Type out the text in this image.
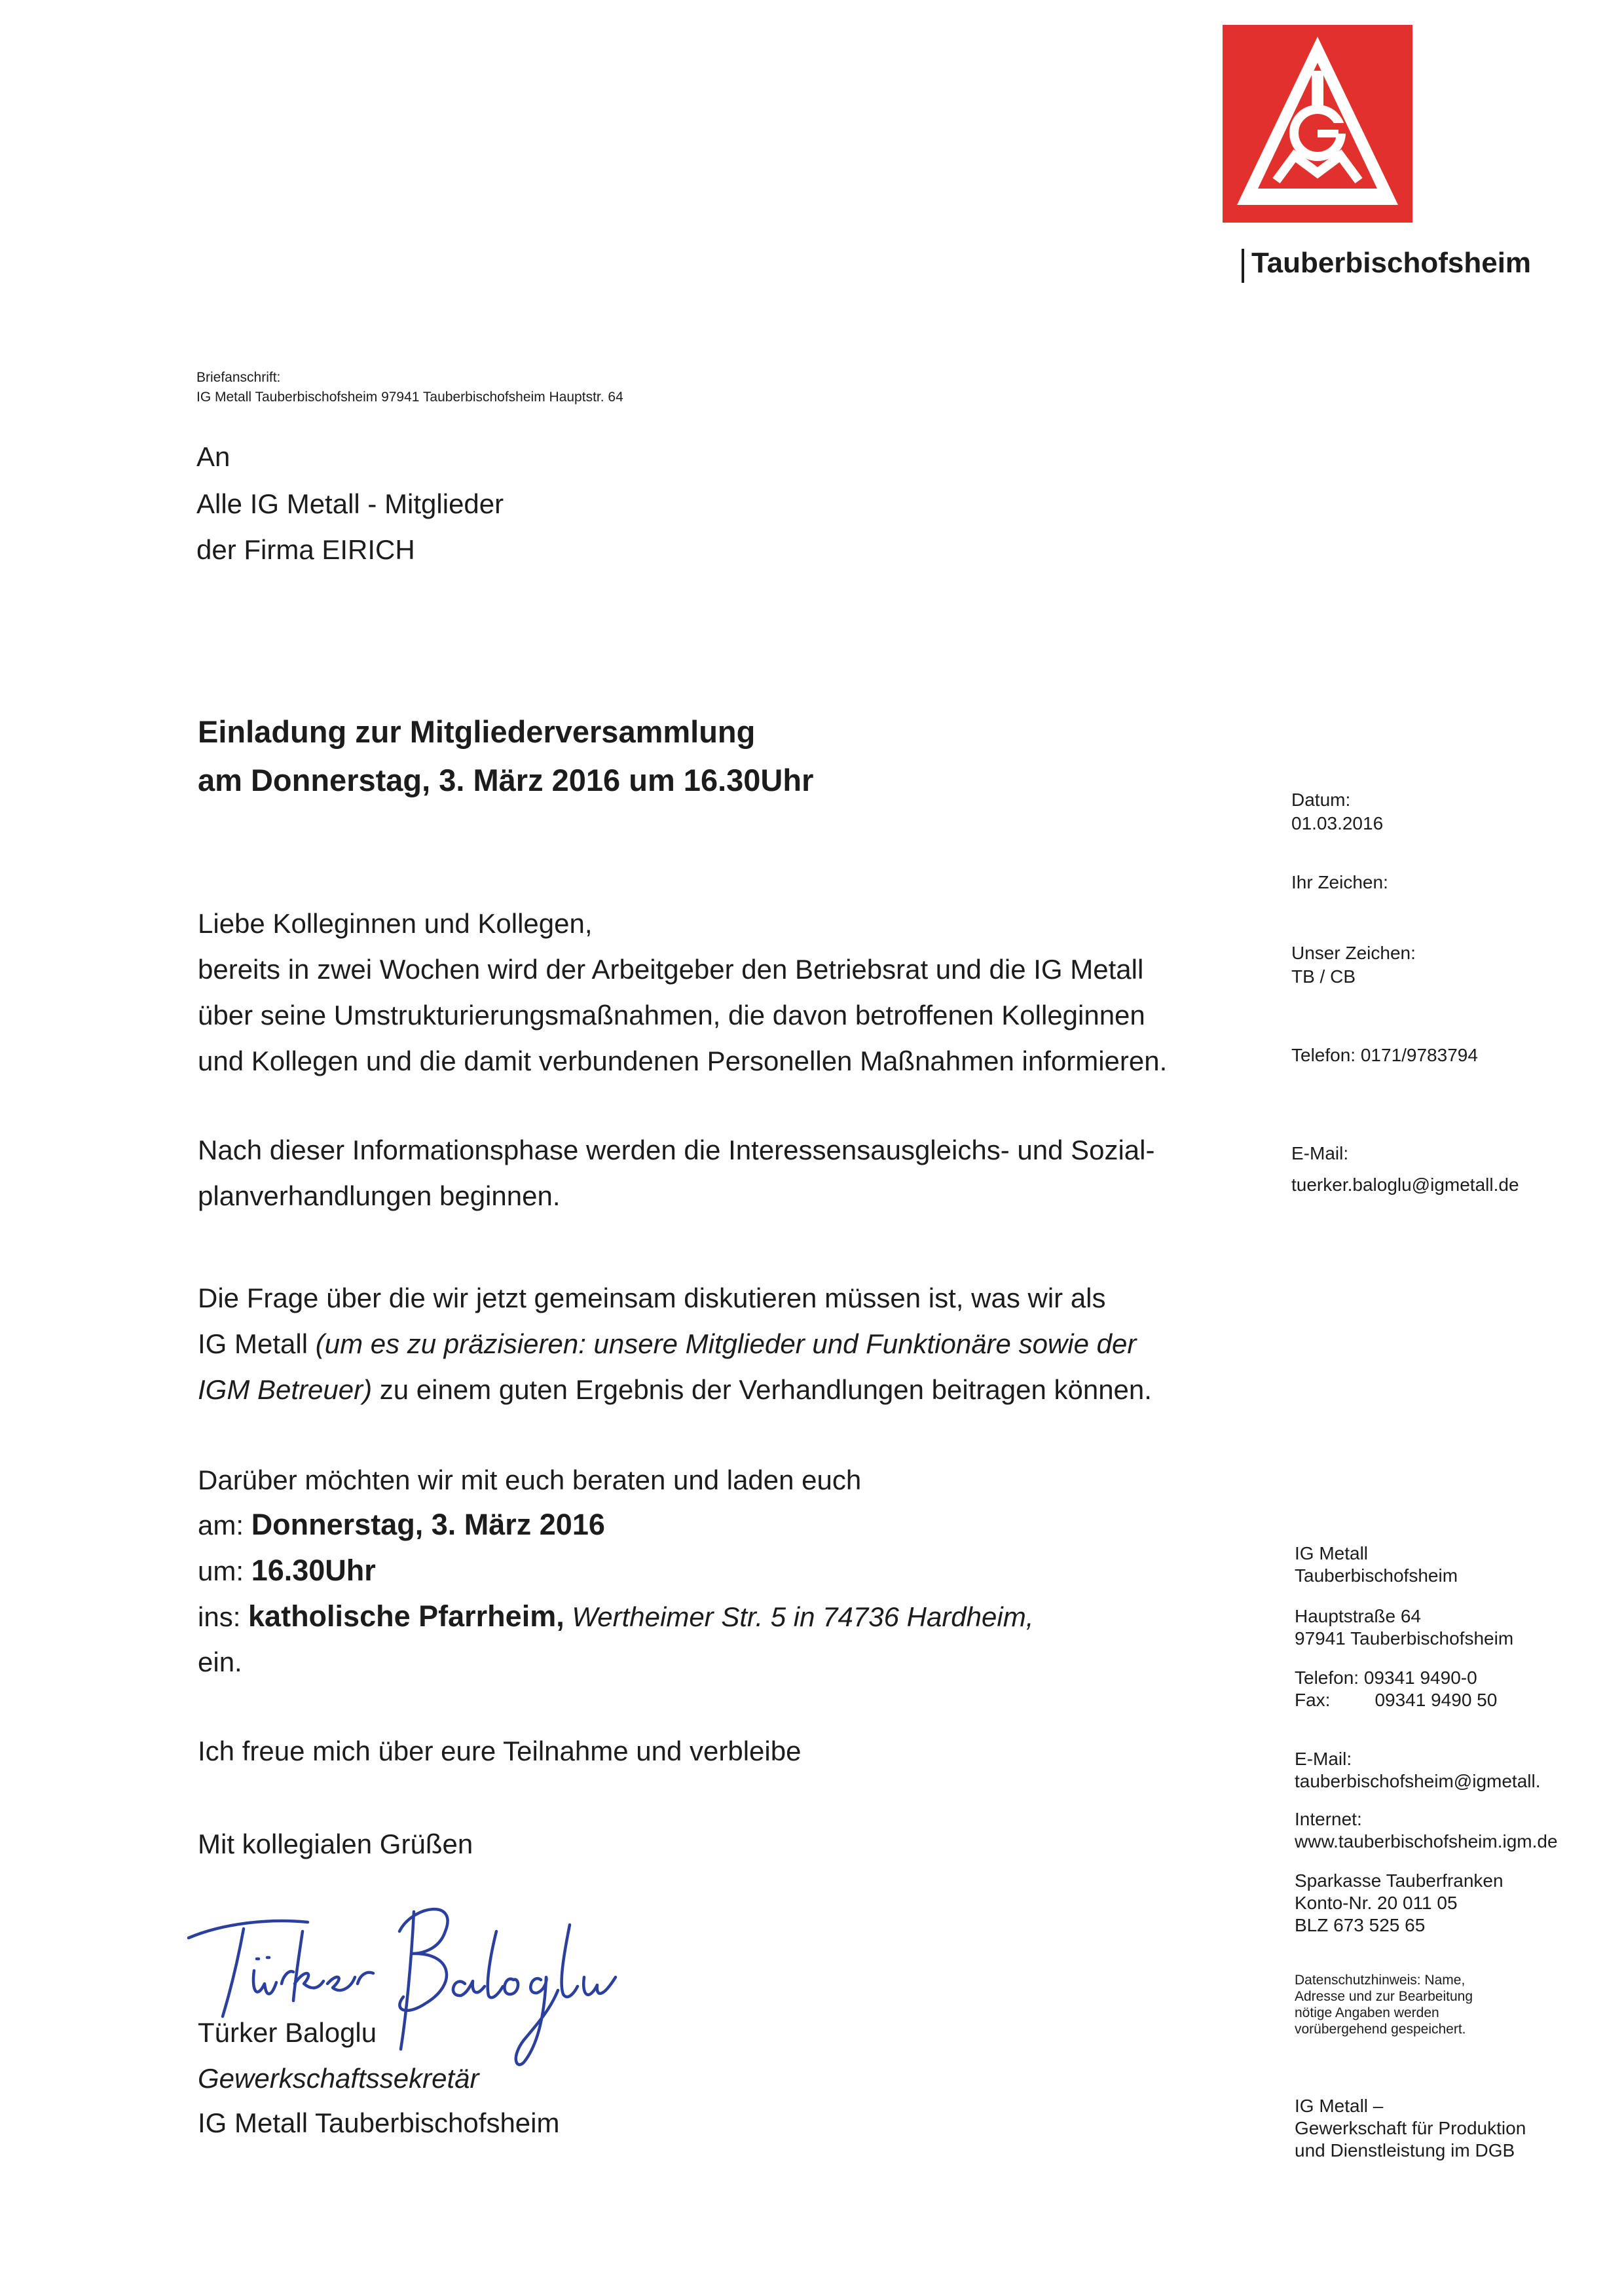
Tauberbischofsheim
Briefanschrift:
IG Metall Tauberbischofsheim 97941 Tauberbischofsheim Hauptstr. 64
An
Alle IG Metall - Mitglieder
der Firma EIRICH
Einladung zur Mitgliederversammlung
am Donnerstag, 3. März 2016 um 16.30Uhr
Liebe Kolleginnen und Kollegen,
bereits in zwei Wochen wird der Arbeitgeber den Betriebsrat und die IG Metall
über seine Umstrukturierungsmaßnahmen, die davon betroffenen Kolleginnen
und Kollegen und die damit verbundenen Personellen Maßnahmen informieren.
Nach dieser Informationsphase werden die Interessensausgleichs- und Sozial-
planverhandlungen beginnen.
Die Frage über die wir jetzt gemeinsam diskutieren müssen ist, was wir als
IG Metall (um es zu präzisieren: unsere Mitglieder und Funktionäre sowie der
IGM Betreuer) zu einem guten Ergebnis der Verhandlungen beitragen können.
Darüber möchten wir mit euch beraten und laden euch
am: Donnerstag, 3. März 2016
um: 16.30Uhr
ins: katholische Pfarrheim, Wertheimer Str. 5 in 74736 Hardheim,
ein.
Ich freue mich über eure Teilnahme und verbleibe
Mit kollegialen Grüßen
Türker Baloglu
Gewerkschaftssekretär
IG Metall Tauberbischofsheim
Datum:
01.03.2016
Ihr Zeichen:
Unser Zeichen:
TB / CB
Telefon: 0171/9783794
E-Mail:
tuerker.baloglu@igmetall.de
IG Metall
Tauberbischofsheim
Hauptstraße 64
97941 Tauberbischofsheim
Telefon: 09341 9490-0
Fax: 09341 9490 50
E-Mail:
tauberbischofsheim@igmetall.
Internet:
www.tauberbischofsheim.igm.de
Sparkasse Tauberfranken
Konto-Nr. 20 011 05
BLZ 673 525 65
Datenschutzhinweis: Name,
Adresse und zur Bearbeitung
nötige Angaben werden
vorübergehend gespeichert.
IG Metall –
Gewerkschaft für Produktion
und Dienstleistung im DGB
